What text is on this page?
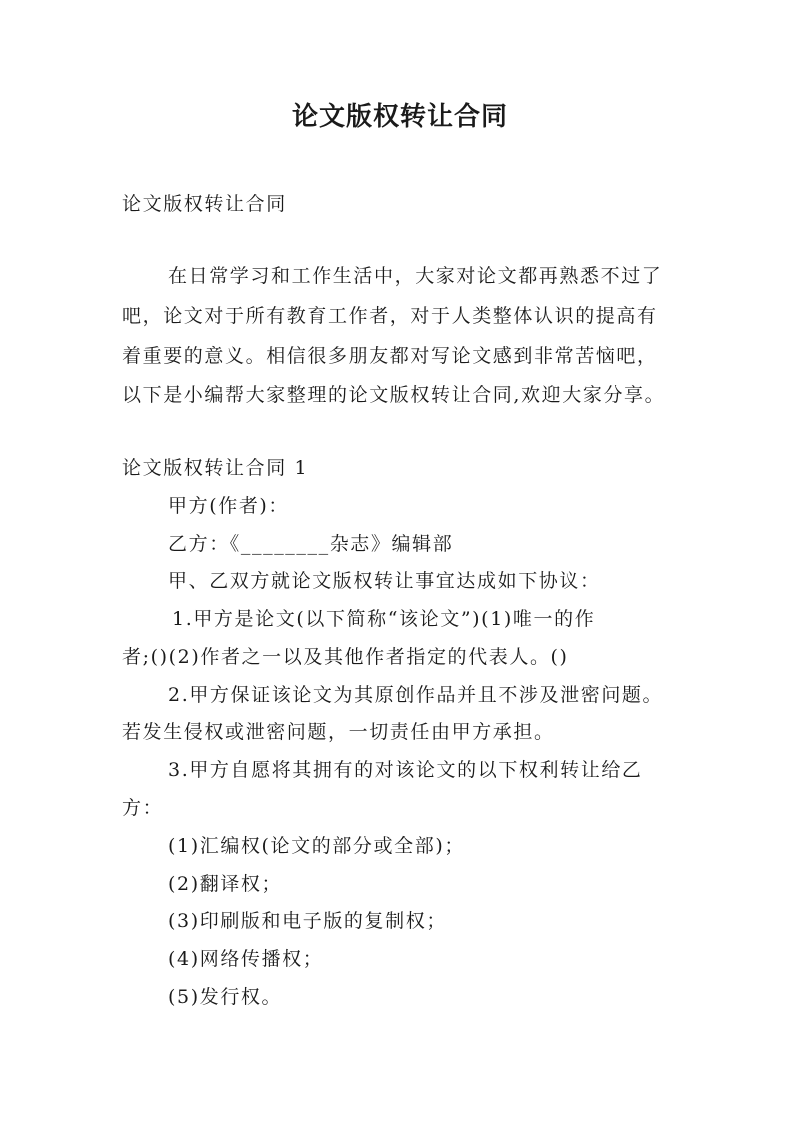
论文版权转让合同
论文版权转让合同
在日常学习和工作生活中，大家对论文都再熟悉不过了
吧，论文对于所有教育工作者，对于人类整体认识的提高有
着重要的意义。相信很多朋友都对写论文感到非常苦恼吧，
以下是小编帮大家整理的论文版权转让合同,欢迎大家分享。
论文版权转让合同 1
甲方(作者)：
乙方：《________杂志》编辑部
甲、乙双方就论文版权转让事宜达成如下协议：
1.甲方是论文(以下简称“该论文”)(1)唯一的作
者;()(2)作者之一以及其他作者指定的代表人。()
2.甲方保证该论文为其原创作品并且不涉及泄密问题。
若发生侵权或泄密问题，一切责任由甲方承担。
3.甲方自愿将其拥有的对该论文的以下权利转让给乙
方：
(1)汇编权(论文的部分或全部)；
(2)翻译权；
(3)印刷版和电子版的复制权；
(4)网络传播权；
(5)发行权。
